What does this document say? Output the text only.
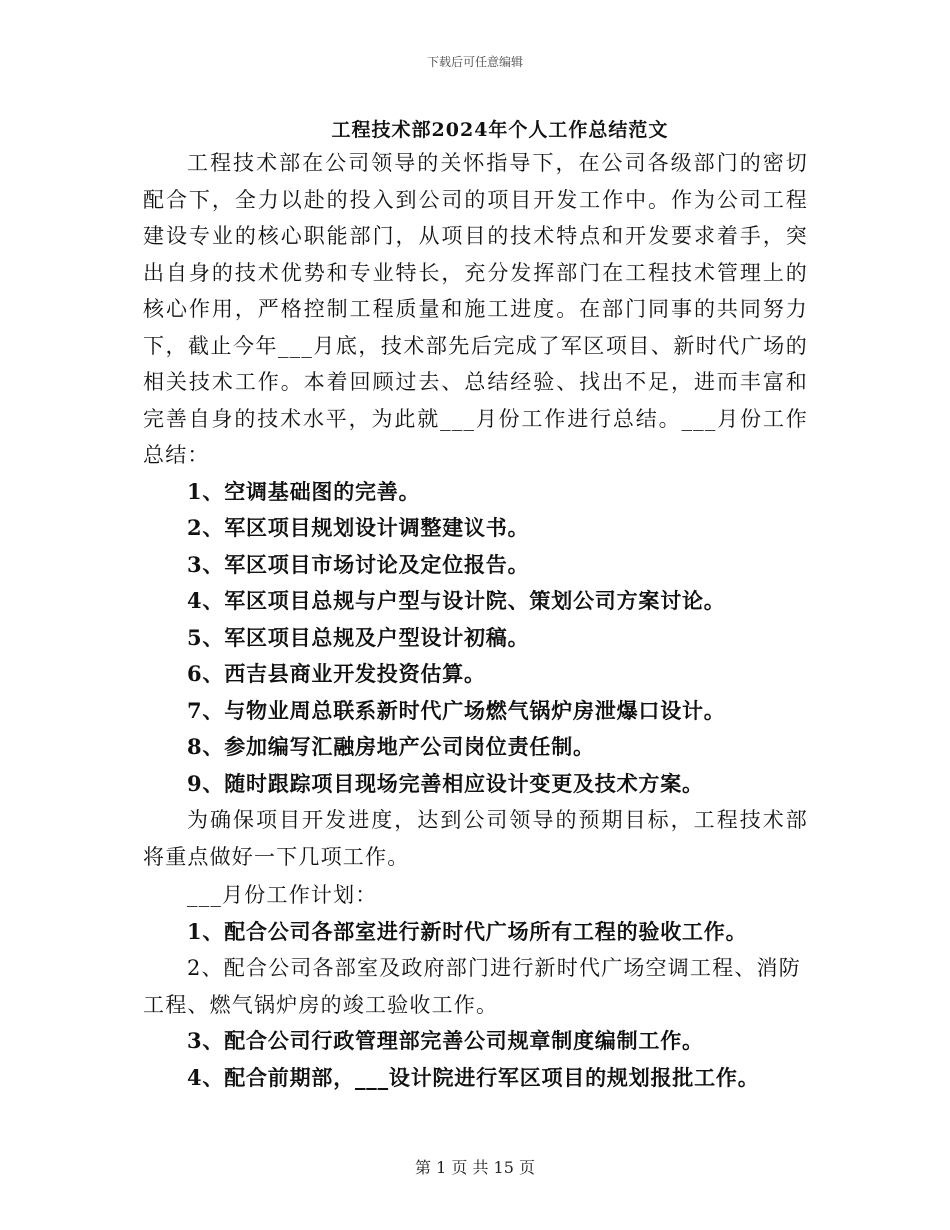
下载后可任意编辑
工程技术部2024年个人工作总结范文

工程技术部在公司领导的关怀指导下，在公司各级部门的密切配合下，全力以赴的投入到公司的项目开发工作中。作为公司工程建设专业的核心职能部门，从项目的技术特点和开发要求着手，突出自身的技术优势和专业特长，充分发挥部门在工程技术管理上的核心作用，严格控制工程质量和施工进度。在部门同事的共同努力下，截止今年___月底，技术部先后完成了军区项目、新时代广场的相关技术工作。本着回顾过去、总结经验、找出不足，进而丰富和完善自身的技术水平，为此就___月份工作进行总结。___月份工作总结：

1、空调基础图的完善。

2、军区项目规划设计调整建议书。

3、军区项目市场讨论及定位报告。

4、军区项目总规与户型与设计院、策划公司方案讨论。

5、军区项目总规及户型设计初稿。

6、西吉县商业开发投资估算。

7、与物业周总联系新时代广场燃气锅炉房泄爆口设计。

8、参加编写汇融房地产公司岗位责任制。

9、随时跟踪项目现场完善相应设计变更及技术方案。

为确保项目开发进度，达到公司领导的预期目标，工程技术部将重点做好一下几项工作。

___月份工作计划：

1、配合公司各部室进行新时代广场所有工程的验收工作。

2、配合公司各部室及政府部门进行新时代广场空调工程、消防工程、燃气锅炉房的竣工验收工作。

3、配合公司行政管理部完善公司规章制度编制工作。

4、配合前期部，___设计院进行军区项目的规划报批工作。

第 1 页 共 15 页
